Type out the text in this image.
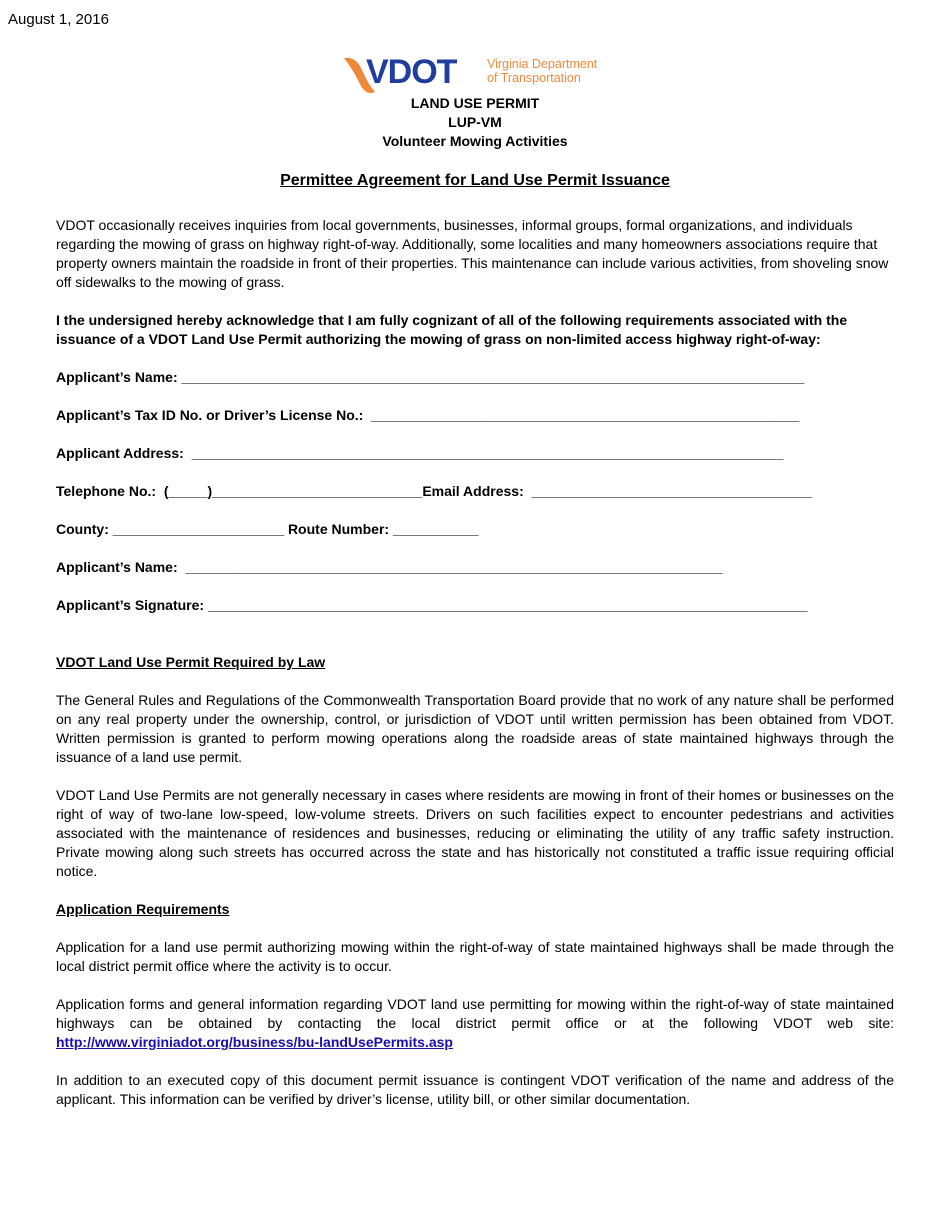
August 1, 2016
VDOT Virginia Department
of Transportation
LAND USE PERMIT
LUP-VM
Volunteer Mowing Activities
Permittee Agreement for Land Use Permit Issuance

VDOT occasionally receives inquiries from local governments, businesses, informal groups, formal organizations, and individuals regarding the mowing of grass on highway right-of-way. Additionally, some localities and many homeowners associations require that property owners maintain the roadside in front of their properties. This maintenance can include various activities, from shoveling snow off sidewalks to the mowing of grass.

I the undersigned hereby acknowledge that I am fully cognizant of all of the following requirements associated with the issuance of a VDOT Land Use Permit authorizing the mowing of grass on non-limited access highway right-of-way:

Applicant’s Name: ________________________________________________________________________________
Applicant’s Tax ID No. or Driver’s License No.:  _______________________________________________________
Applicant Address:  ____________________________________________________________________________
Telephone No.:  (_____)___________________________Email Address:  ____________________________________
County: ______________________ Route Number: ___________
Applicant’s Name:  _____________________________________________________________________
Applicant’s Signature: _____________________________________________________________________________
VDOT Land Use Permit Required by Law

The General Rules and Regulations of the Commonwealth Transportation Board provide that no work of any nature shall be performed on any real property under the ownership, control, or jurisdiction of VDOT until written permission has been obtained from VDOT. Written permission is granted to perform mowing operations along the roadside areas of state maintained highways through the issuance of a land use permit.

VDOT Land Use Permits are not generally necessary in cases where residents are mowing in front of their homes or businesses on the right of way of two-lane low-speed, low-volume streets. Drivers on such facilities expect to encounter pedestrians and activities associated with the maintenance of residences and businesses, reducing or eliminating the utility of any traffic safety instruction. Private mowing along such streets has occurred across the state and has historically not constituted a traffic issue requiring official notice.

Application Requirements

Application for a land use permit authorizing mowing within the right-of-way of state maintained highways shall be made through the local district permit office where the activity is to occur.

Application forms and general information regarding VDOT land use permitting for mowing within the right-of-way of state maintained highways can be obtained by contacting the local district permit office or at the following VDOT web site: http://www.virginiadot.org/business/bu-landUsePermits.asp

In addition to an executed copy of this document permit issuance is contingent VDOT verification of the name and address of the applicant. This information can be verified by driver’s license, utility bill, or other similar documentation.
